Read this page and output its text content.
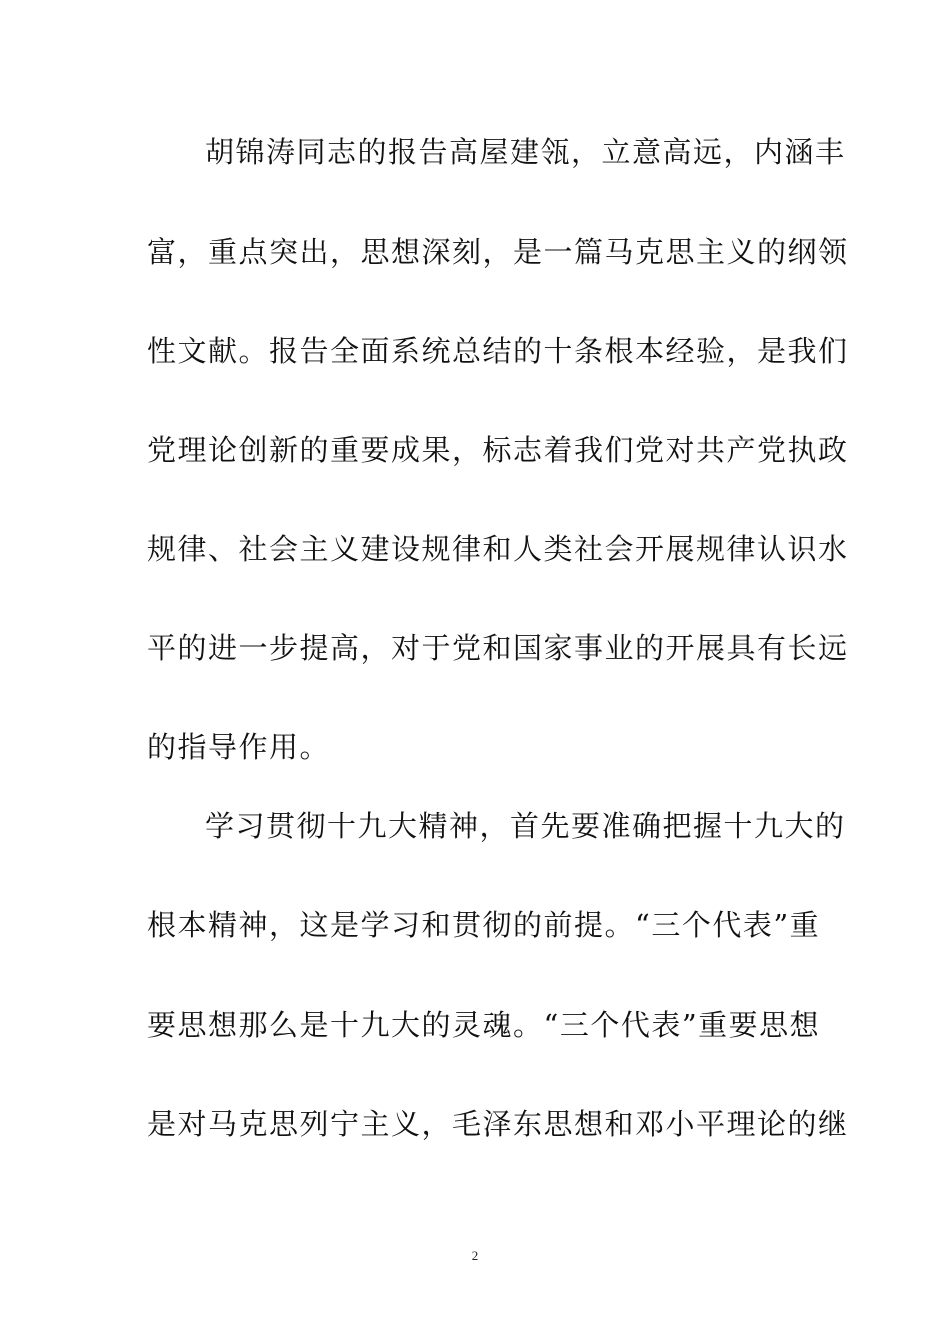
胡锦涛同志的报告高屋建瓴，立意高远，内涵丰

富，重点突出，思想深刻，是一篇马克思主义的纲领

性文献。报告全面系统总结的十条根本经验，是我们

党理论创新的重要成果，标志着我们党对共产党执政

规律、社会主义建设规律和人类社会开展规律认识水

平的进一步提高，对于党和国家事业的开展具有长远

的指导作用。

学习贯彻十九大精神，首先要准确把握十九大的

根本精神，这是学习和贯彻的前提。“三个代表”重

要思想那么是十九大的灵魂。“三个代表”重要思想

是对马克思列宁主义，毛泽东思想和邓小平理论的继

2
